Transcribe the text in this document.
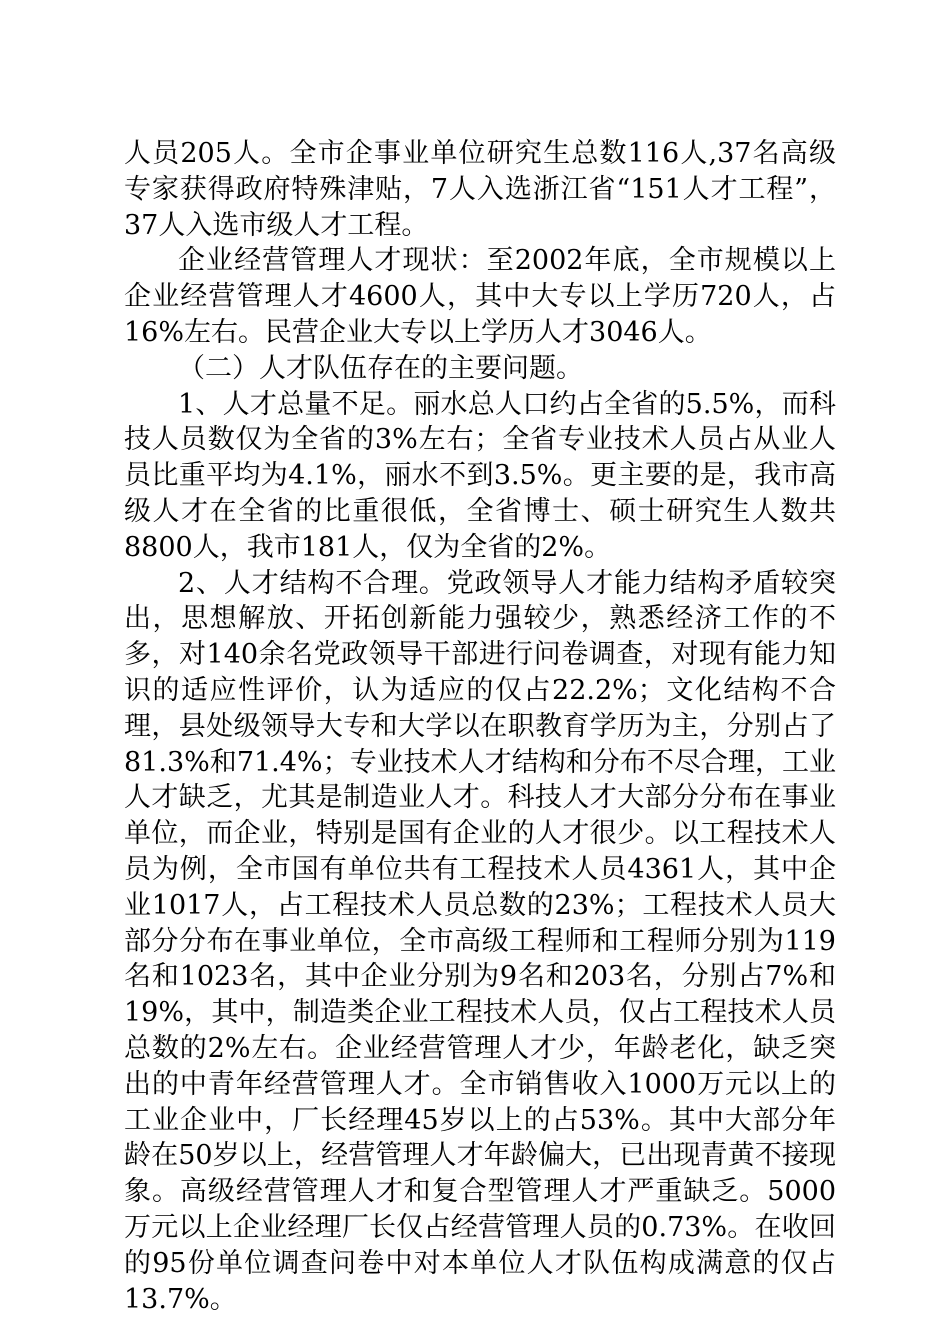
人员205人。全市企事业单位研究生总数116人,37名高级专家获得政府特殊津贴，7人入选浙江省“151人才工程”，37人入选市级人才工程。

企业经营管理人才现状：至2002年底，全市规模以上企业经营管理人才4600人，其中大专以上学历720人，占16%左右。民营企业大专以上学历人才3046人。

（二）人才队伍存在的主要问题。

1、人才总量不足。丽水总人口约占全省的5.5%，而科技人员数仅为全省的3%左右；全省专业技术人员占从业人员比重平均为4.1%，丽水不到3.5%。更主要的是，我市高级人才在全省的比重很低，全省博士、硕士研究生人数共8800人，我市181人，仅为全省的2%。

2、人才结构不合理。党政领导人才能力结构矛盾较突出，思想解放、开拓创新能力强较少，熟悉经济工作的不多，对140余名党政领导干部进行问卷调查，对现有能力知识的适应性评价，认为适应的仅占22.2%；文化结构不合理，县处级领导大专和大学以在职教育学历为主，分别占了81.3%和71.4%；专业技术人才结构和分布不尽合理，工业人才缺乏，尤其是制造业人才。科技人才大部分分布在事业单位，而企业，特别是国有企业的人才很少。以工程技术人员为例，全市国有单位共有工程技术人员4361人，其中企业1017人，占工程技术人员总数的23%；工程技术人员大部分分布在事业单位，全市高级工程师和工程师分别为119名和1023名，其中企业分别为9名和203名，分别占7%和19%，其中，制造类企业工程技术人员，仅占工程技术人员总数的2%左右。企业经营管理人才少，年龄老化，缺乏突出的中青年经营管理人才。全市销售收入1000万元以上的工业企业中，厂长经理45岁以上的占53%。其中大部分年龄在50岁以上，经营管理人才年龄偏大，已出现青黄不接现象。高级经营管理人才和复合型管理人才严重缺乏。5000万元以上企业经理厂长仅占经营管理人员的0.73%。在收回的95份单位调查问卷中对本单位人才队伍构成满意的仅占13.7%。
